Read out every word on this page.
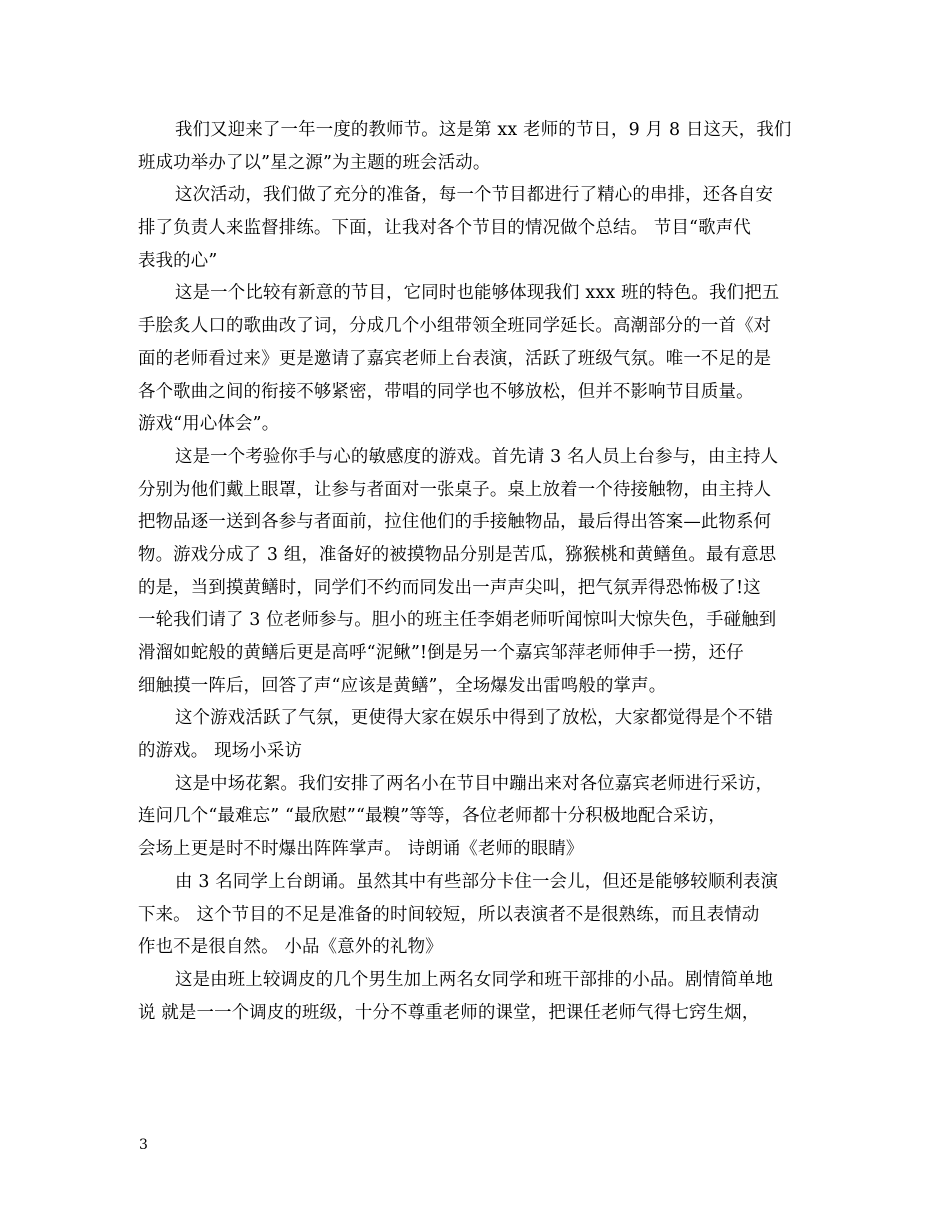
我们又迎来了一年一度的教师节。这是第 xx 老师的节日，9 月 8 日这天，我们
班成功举办了以”星之源”为主题的班会活动。
这次活动，我们做了充分的准备，每一个节目都进行了精心的串排，还各自安
排了负责人来监督排练。下面，让我对各个节目的情况做个总结。 节目“歌声代
表我的心”
这是一个比较有新意的节目，它同时也能够体现我们 xxx 班的特色。我们把五
手脍炙人口的歌曲改了词，分成几个小组带领全班同学延长。高潮部分的一首《对
面的老师看过来》更是邀请了嘉宾老师上台表演，活跃了班级气氛。唯一不足的是
各个歌曲之间的衔接不够紧密，带唱的同学也不够放松，但并不影响节目质量。
游戏“用心体会”。
这是一个考验你手与心的敏感度的游戏。首先请 3 名人员上台参与，由主持人
分别为他们戴上眼罩，让参与者面对一张桌子。桌上放着一个待接触物，由主持人
把物品逐一送到各参与者面前，拉住他们的手接触物品，最后得出答案—此物系何
物。游戏分成了 3 组，准备好的被摸物品分别是苦瓜，猕猴桃和黄鳝鱼。最有意思
的是，当到摸黄鳝时，同学们不约而同发出一声声尖叫，把气氛弄得恐怖极了!这
一轮我们请了 3 位老师参与。胆小的班主任李娟老师听闻惊叫大惊失色，手碰触到
滑溜如蛇般的黄鳝后更是高呼“泥鳅”!倒是另一个嘉宾邹萍老师伸手一捞，还仔
细触摸一阵后，回答了声“应该是黄鳝”，全场爆发出雷鸣般的掌声。
这个游戏活跃了气氛，更使得大家在娱乐中得到了放松，大家都觉得是个不错
的游戏。 现场小采访
这是中场花絮。我们安排了两名小在节目中蹦出来对各位嘉宾老师进行采访，
连问几个“最难忘” “最欣慰”“最糗”等等，各位老师都十分积极地配合采访，
会场上更是时不时爆出阵阵掌声。 诗朗诵《老师的眼睛》
由 3 名同学上台朗诵。虽然其中有些部分卡住一会儿，但还是能够较顺利表演
下来。 这个节目的不足是准备的时间较短，所以表演者不是很熟练，而且表情动
作也不是很自然。 小品《意外的礼物》
这是由班上较调皮的几个男生加上两名女同学和班干部排的小品。剧情简单地
说 就是一一个调皮的班级，十分不尊重老师的课堂，把课任老师气得七窍生烟，
3
